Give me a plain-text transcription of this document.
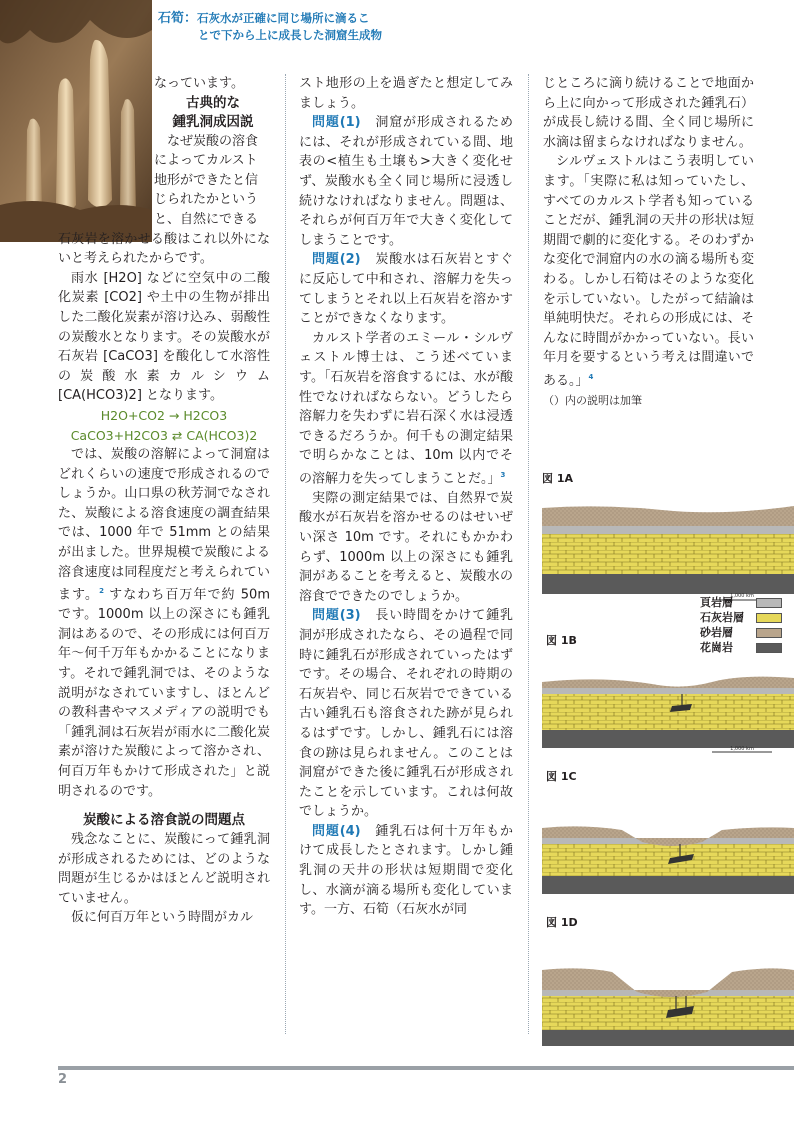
石筍：石灰水が正確に同じ場所に滴るこ
とで下から上に成長した洞窟生成物

なっています。

古典的な
鍾乳洞成因説
なぜ炭酸の溶食
によってカルスト
地形ができたと信
じられたかという
と、自然にできる

石灰岩を溶かせる酸はこれ以外にないと考えられたからです。

雨水 [H2O] などに空気中の二酸化炭素 [CO2] や土中の生物が排出した二酸化炭素が溶け込み、弱酸性の炭酸水となります。その炭酸水が石灰岩 [CaCO3] を酸化して水溶性の炭酸水素カルシウム [CA(HCO3)2] となります。

H2O+CO2 → H2CO3

CaCO3+H2CO3 ⇄ CA(HCO3)2

では、炭酸の溶解によって洞窟はどれくらいの速度で形成されるのでしょうか。山口県の秋芳洞でなされた、炭酸による溶食速度の調査結果では、1000 年で 51mm との結果が出ました。世界規模で炭酸による溶食速度は同程度だと考えられています。$^2$ すなわち百万年で約 50m です。1000m 以上の深さにも鍾乳洞はあるので、その形成には何百万年〜何千万年もかかることになります。それで鍾乳洞では、そのような説明がなされていますし、ほとんどの教科書やマスメディアの説明でも「鍾乳洞は石灰岩が雨水に二酸化炭素が溶けた炭酸によって溶かされ、何百万年もかけて形成された」と説明されるのです。

炭酸による溶食説の問題点

残念なことに、炭酸にって鍾乳洞が形成されるためには、どのような問題が生じるかはほとんど説明されていません。

仮に何百万年という時間がカル

スト地形の上を過ぎたと想定してみましょう。

問題(1)　 洞窟が形成されるためには、それが形成されている間、地表の<植生も土壌も>大きく変化せず、炭酸水も全く同じ場所に浸透し続けなければなりません。問題は、それらが何百万年で大きく変化してしまうことです。

問題(2)　 炭酸水は石灰岩とすぐに反応して中和され、溶解力を失ってしまうとそれ以上石灰岩を溶かすことができなくなります。

カルスト学者のエミール・シルヴェストル博士は、こう述べています。「石灰岩を溶食するには、水が酸性でなければならない。どうしたら溶解力を失わずに岩石深く水は浸透できるだろうか。何千もの測定結果で明らかなことは、10m 以内でその溶解力を失ってしまうことだ。」$^3$

実際の測定結果では、自然界で炭酸水が石灰岩を溶かせるのはせいぜい深さ 10m です。それにもかかわらず、1000m 以上の深さにも鍾乳洞があることを考えると、炭酸水の溶食でできたのでしょうか。

問題(3)　 長い時間をかけて鍾乳洞が形成されたなら、その過程で同時に鍾乳石が形成されていったはずです。その場合、それぞれの時期の石灰岩や、同じ石灰岩でできている古い鍾乳石も溶食された跡が見られるはずです。しかし、鍾乳石には溶食の跡は見られません。このことは洞窟ができた後に鍾乳石が形成されたことを示しています。これは何故でしょうか。

問題(4)　 鍾乳石は何十万年もかけて成長したとされます。しかし鍾乳洞の天井の形状は短期間で変化し、水滴が滴る場所も変化しています。一方、石筍（石灰水が同

じところに滴り続けることで地面から上に向かって形成された鍾乳石）が成長し続ける間、全く同じ場所に水滴は留まらなければなりません。

シルヴェストルはこう表明しています。「実際に私は知っていたし、すべてのカルスト学者も知っていることだが、鍾乳洞の天井の形状は短期間で劇的に変化する。そのわずかな変化で洞窟内の水の滴る場所も変わる。しかし石筍はそのような変化を示していない。したがって結論は単純明快だ。それらの形成には、そんなに時間がかかっていない。長い年月を要するという考えは間違いである。」$^4$

（）内の説明は加筆

図 1A
1,000 km
頁岩層
石灰岩層
砂岩層
花崗岩
図 1B
1,000 km
図 1C
図 1D
2
